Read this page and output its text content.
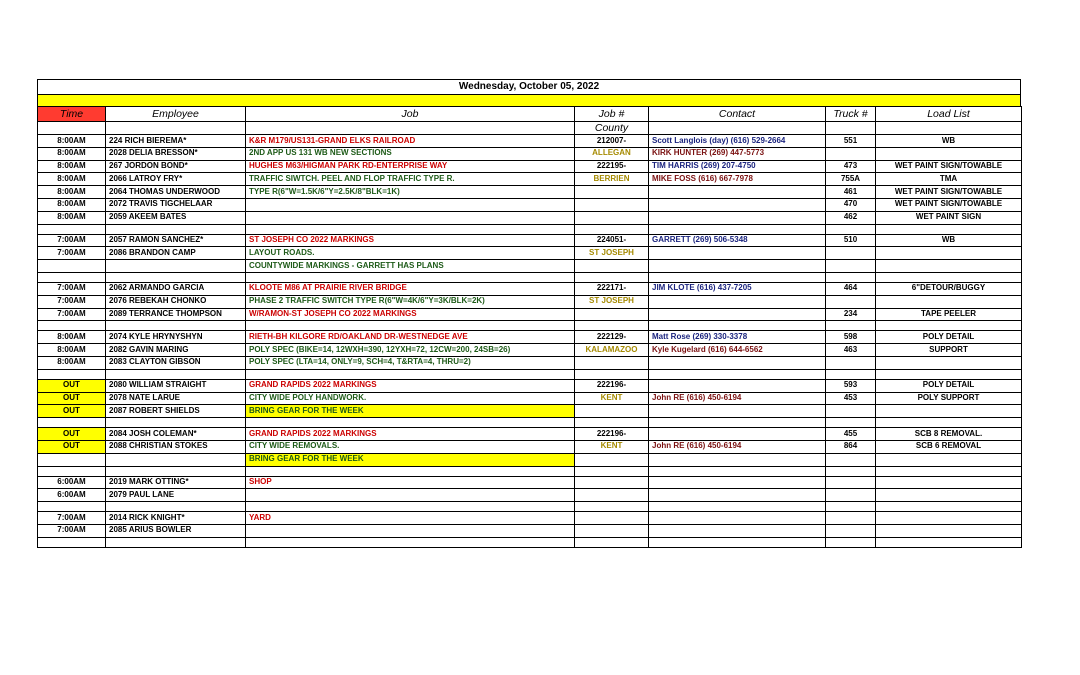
Wednesday, October 05, 2022
Time	Employee	Job	Job #	Contact	Truck #	Load List
			County			
8:00AM	224 RICH BIEREMA*	K&R M179/US131-GRAND ELKS RAILROAD	212007-	Scott Langlois (day) (616) 529-2664	551	WB
8:00AM	2028 DELIA BRESSON*	2ND APP US 131 WB NEW SECTIONS	ALLEGAN	KIRK HUNTER (269) 447-5773		
8:00AM	267 JORDON BOND*	HUGHES M63/HIGMAN PARK RD-ENTERPRISE WAY	222195-	TIM HARRIS (269) 207-4750	473	WET PAINT SIGN/TOWABLE
8:00AM	2066 LATROY FRY*	TRAFFIC SIWTCH. PEEL AND FLOP TRAFFIC TYPE R.	BERRIEN	MIKE FOSS (616) 667-7978	755A	TMA
8:00AM	2064 THOMAS UNDERWOOD	TYPE R(6"W=1.5K/6"Y=2.5K/8"BLK=1K)			461	WET PAINT SIGN/TOWABLE
8:00AM	2072 TRAVIS TIGCHELAAR				470	WET PAINT SIGN/TOWABLE
8:00AM	2059 AKEEM BATES				462	WET PAINT SIGN

7:00AM	2057 RAMON SANCHEZ*	ST JOSEPH CO 2022 MARKINGS	224051-	GARRETT (269) 506-5348	510	WB
7:00AM	2086 BRANDON CAMP	LAYOUT ROADS.	ST JOSEPH			
		COUNTYWIDE MARKINGS - GARRETT HAS PLANS				

7:00AM	2062 ARMANDO GARCIA	KLOOTE M86 AT PRAIRIE RIVER BRIDGE	222171-	JIM KLOTE (616) 437-7205	464	6"DETOUR/BUGGY
7:00AM	2076 REBEKAH CHONKO	PHASE 2 TRAFFIC SWITCH TYPE R(6"W=4K/6"Y=3K/BLK=2K)	ST JOSEPH			
7:00AM	2089 TERRANCE THOMPSON	W/RAMON-ST JOSEPH CO 2022 MARKINGS			234	TAPE PEELER

8:00AM	2074 KYLE HRYNYSHYN	RIETH-BH KILGORE RD/OAKLAND DR-WESTNEDGE AVE	222129-	Matt Rose (269) 330-3378	598	POLY DETAIL
8:00AM	2082 GAVIN MARING	POLY SPEC (BIKE=14, 12WXH=390, 12YXH=72, 12CW=200, 24SB=26)	KALAMAZOO	Kyle Kugelard (616) 644-6562	463	SUPPORT
8:00AM	2083 CLAYTON GIBSON	POLY SPEC (LTA=14, ONLY=9, SCH=4, T&RTA=4, THRU=2)				

OUT	2080 WILLIAM STRAIGHT	GRAND RAPIDS 2022 MARKINGS	222196-		593	POLY DETAIL
OUT	2078 NATE LARUE	CITY WIDE POLY HANDWORK.	KENT	John RE (616) 450-6194	453	POLY SUPPORT
OUT	2087 ROBERT SHIELDS	BRING GEAR FOR THE WEEK				

OUT	2084 JOSH COLEMAN*	GRAND RAPIDS 2022 MARKINGS	222196-		455	SCB 8 REMOVAL.
OUT	2088 CHRISTIAN STOKES	CITY WIDE REMOVALS.	KENT	John RE (616) 450-6194	864	SCB 6 REMOVAL
		BRING GEAR FOR THE WEEK				

6:00AM	2019 MARK OTTING*	SHOP				
6:00AM	2079 PAUL LANE					

7:00AM	2014 RICK KNIGHT*	YARD				
7:00AM	2085 ARIUS BOWLER					
